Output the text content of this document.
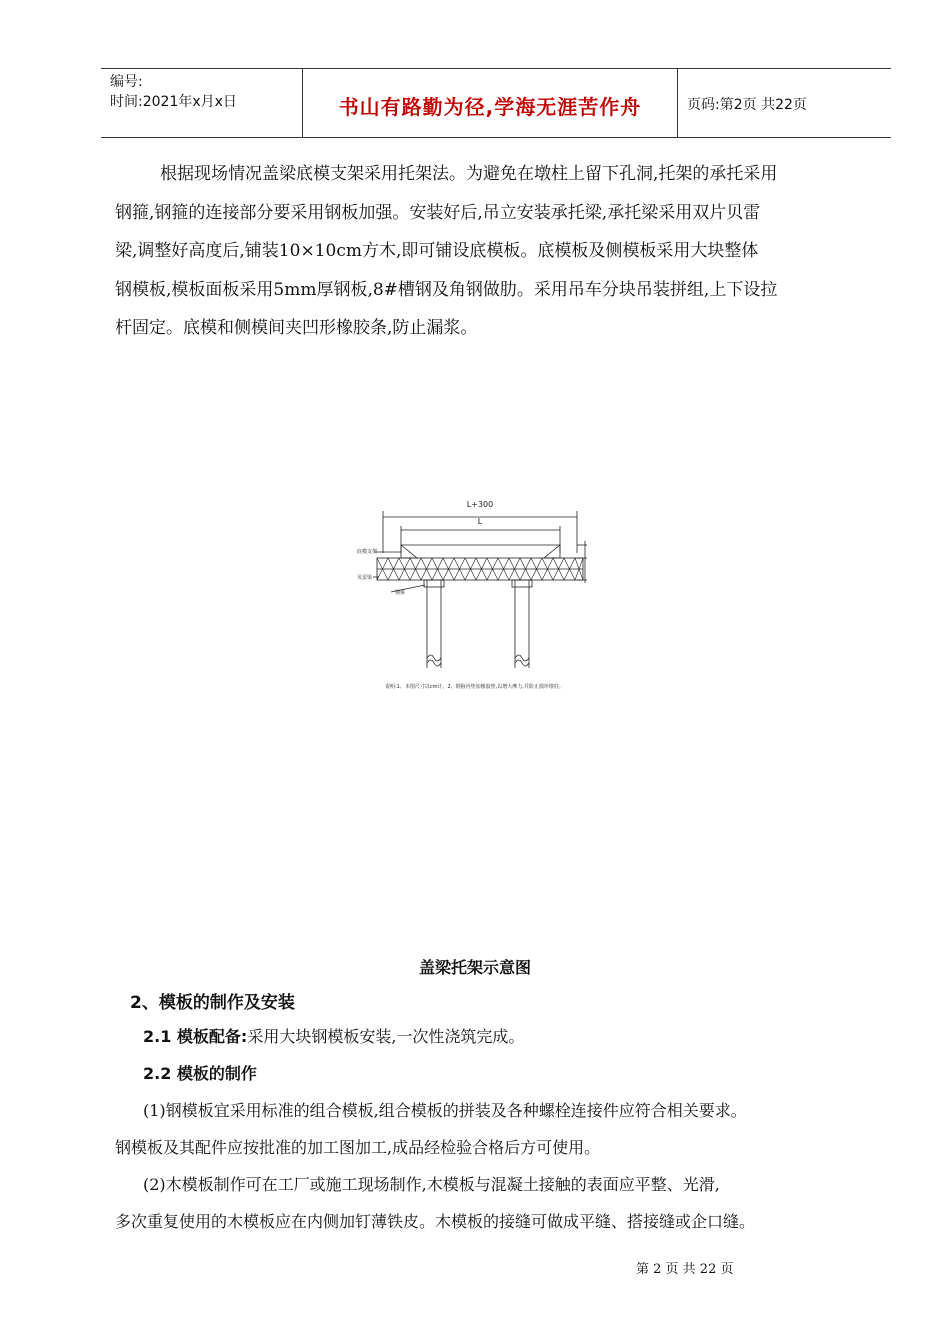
编号:
时间:2021年x月x日	书山有路勤为径,学海无涯苦作舟	页码:第2页 共22页
根据现场情况盖梁底模支架采用托架法。为避免在墩柱上留下孔洞,托架的承托采用
钢箍,钢箍的连接部分要采用钢板加强。安装好后,吊立安装承托梁,承托梁采用双片贝雷
梁,调整好高度后,铺装10×10cm方木,即可铺设底模板。底模板及侧模板采用大块整体
钢模板,模板面板采用5mm厚钢板,8#槽钢及角钢做肋。采用吊车分块吊装拼组,上下设拉
杆固定。底模和侧模间夹凹形橡胶条,防止漏浆。
L+300
L
底模支架
贝雷梁
钢箍
说明:1、本图尺寸以cm计。2、钢箍内垫加橡胶垫,以增大摩力,并防止损坏墩柱。
盖梁托架示意图
2、模板的制作及安装
2.1 模板配备:采用大块钢模板安装,一次性浇筑完成。
2.2 模板的制作
(1)钢模板宜采用标准的组合模板,组合模板的拼装及各种螺栓连接件应符合相关要求。
钢模板及其配件应按批准的加工图加工,成品经检验合格后方可使用。
(2)木模板制作可在工厂或施工现场制作,木模板与混凝土接触的表面应平整、光滑,
多次重复使用的木模板应在内侧加钉薄铁皮。木模板的接缝可做成平缝、搭接缝或企口缝。
第 2 页 共 22 页
